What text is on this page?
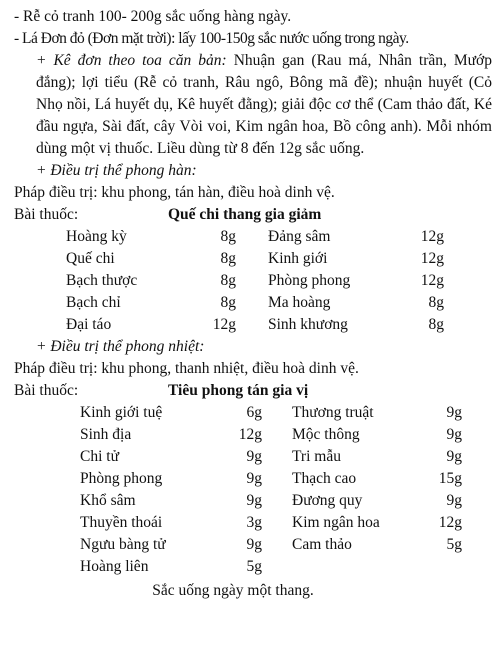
- Rễ cỏ tranh 100- 200g sắc uống hàng ngày.

- Lá Đơn đỏ (Đơn mặt trời): lấy 100-150g sắc nước uống trong ngày.

+ Kê đơn theo toa căn bản: Nhuận gan (Rau má, Nhân trần, Mướp đắng); lợi tiểu (Rễ cỏ tranh, Râu ngô, Bông mã đề); nhuận huyết (Cỏ Nhọ nồi, Lá huyết dụ, Kê huyết đằng); giải độc cơ thể (Cam thảo đất, Ké đầu ngựa, Sài đất, cây Vòi voi, Kim ngân hoa, Bồ công anh). Mỗi nhóm dùng một vị thuốc. Liều dùng từ 8 đến 12g sắc uống.

+ Điều trị thể phong hàn:

Pháp điều trị: khu phong, tán hàn, điều hoà dinh vệ.

Bài thuốc:	Quế chi thang gia giảm
Hoàng kỳ	8g	Đảng sâm	12g
Quế chi	8g	Kinh giới	12g
Bạch thược	8g	Phòng phong	12g
Bạch chỉ	8g	Ma hoàng	8g
Đại táo	12g	Sinh khương	8g

+ Điều trị thể phong nhiệt:

Pháp điều trị: khu phong, thanh nhiệt, điều hoà dinh vệ.

Bài thuốc:	Tiêu phong tán gia vị
Kinh giới tuệ	6g	Thương truật	9g
Sinh địa	12g	Mộc thông	9g
Chi tử	9g	Tri mẫu	9g
Phòng phong	9g	Thạch cao	15g
Khổ sâm	9g	Đương quy	9g
Thuyền thoái	3g	Kim ngân hoa	12g
Ngưu bàng tử	9g	Cam thảo	5g
Hoàng liên	5g		

Sắc uống ngày một thang.
